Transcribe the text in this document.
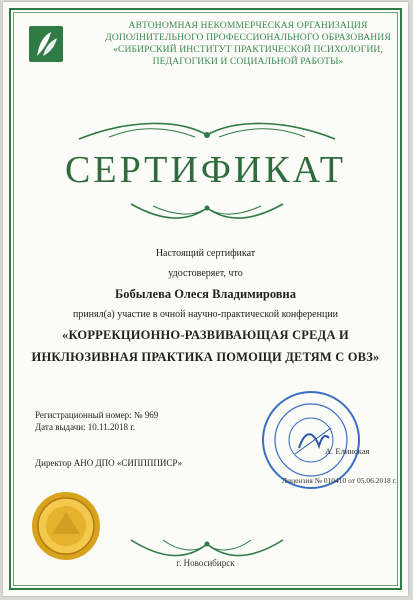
АВТОНОМНАЯ НЕКОММЕРЧЕСКАЯ ОРГАНИЗАЦИЯ
ДОПОЛНИТЕЛЬНОГО ПРОФЕССИОНАЛЬНОГО ОБРАЗОВАНИЯ
«СИБИРСКИЙ ИНСТИТУТ ПРАКТИЧЕСКОЙ ПСИХОЛОГИИ,
ПЕДАГОГИКИ И СОЦИАЛЬНОЙ РАБОТЫ»
СЕРТИФИКАТ
Настоящий сертификат
удостоверяет, что
Бобылева Олеся Владимировна
принял(а) участие в очной научно-практической конференции
«КОРРЕКЦИОННО-РАЗВИВАЮЩАЯ СРЕДА И
ИНКЛЮЗИВНАЯ ПРАКТИКА ПОМОЩИ ДЕТЯМ С ОВЗ»
Регистрационный номер: № 969
Дата выдачи: 10.11.2018 г.
Директор АНО ДПО «СИППППИСР»
А. Елинская
Лицензия № 010410 от 05.06.2018 г.
г. Новосибирск
